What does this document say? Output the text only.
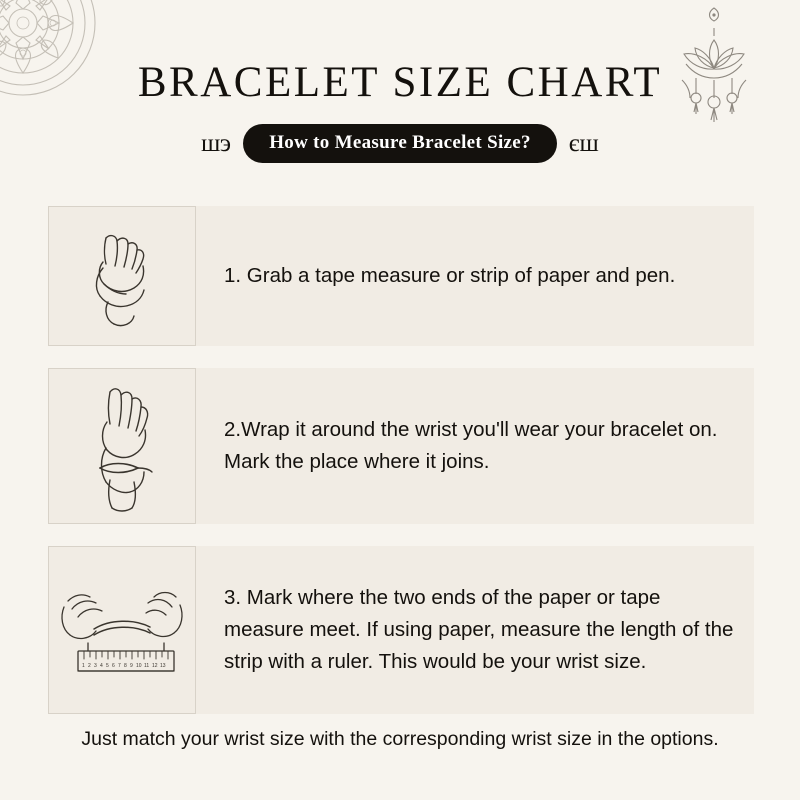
BRACELET SIZE CHART
єш	How to Measure Bracelet Size?	єш
1. Grab a tape measure or strip of paper and pen.
2.Wrap it around the wrist you'll wear your bracelet on. Mark the place where it joins.
1 2 3 4 5 6 7 8 9 10 11 12 13
3. Mark where the two ends of the paper or tape measure meet. If using paper, measure the length of the strip with a ruler. This would be your wrist size.
Just match your wrist size with the corresponding wrist size in the options.
